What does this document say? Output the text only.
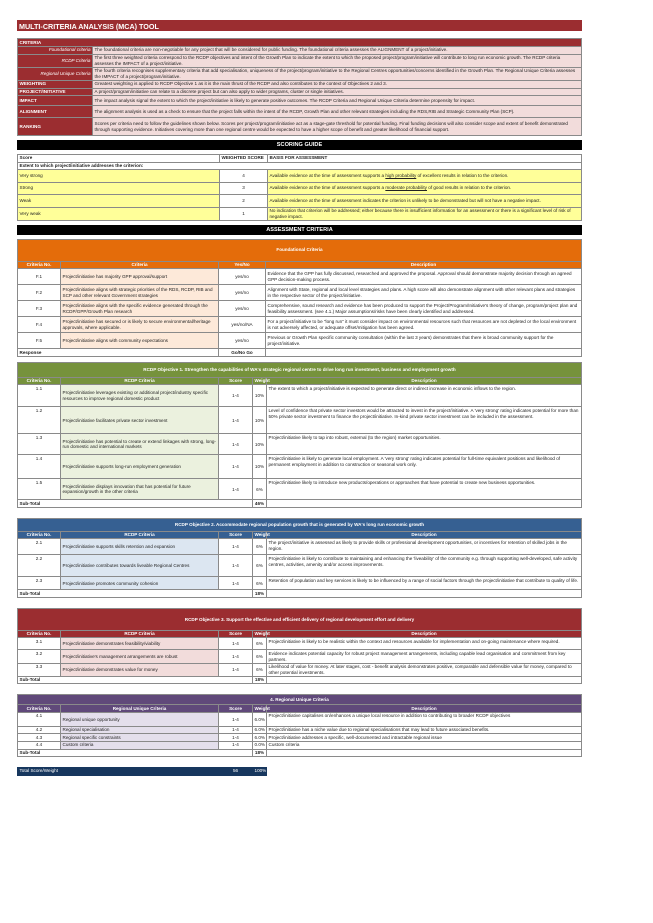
MULTI-CRITERIA ANALYSIS (MCA) TOOL
CRITERIA	
Foundational criteria	The foundational criteria are non-negotiable for any project that will be considered for public funding. The foundational criteria assesses the ALIGNMENT of a project/initiative.
RCDP Criteria	The first three weighted criteria correspond to the RCDP objectives and intent of the Growth Plan to indicate the extent to which the proposed project/program/initiative will contribute to long run economic growth. The RCDP criteria assesses the IMPACT of a project/initiative.
Regional Unique Criteria	The fourth criteria recognises supplementary criteria that add specialisation, uniqueness of the project/program/initiative to the Regional Centres opportunities/concerns identified in the Growth Plan. The Regional Unique Criteria assesses the IMPACT of a project/program/initiative.
WEIGHTING	Greatest weighting is applied to RCDP Objective 1 as it is the main thrust of the RCDP and also contributes to the context of Objectives 2 and 3.
PROJECT/INITIATIVE	A project/program/initiative can relate to a discrete project but can also apply to wider programs, cluster or single initiatives.
IMPACT	The impact analysis signal the extent to which the project/initiative is likely to generate positive outcomes. The RCDP Criteria and Regional Unique Criteria determine propensity for impact.
ALIGNMENT	The alignment analysis is used as a check to ensure that the project falls within the intent of the RCDP, Growth Plan and other relevant strategies including the RDS,RIB and Strategic Community Plan (SCP).
RANKING	Scores per criteria need to follow the guidelines shown below. Scores per project/program/initiative act as a stage-gate threshold for potential funding. Final funding decisions will also consider scope and extent of benefit demonstrated through supporting evidence. Initiatives covering more than one regional centre would be expected to have a higher scope of benefit and greater likelihood of financial support.
SCORING GUIDE
Score	WEIGHTED SCORE	BASIS FOR ASSESSMENT
Extent to which project/initiative addresses the criterion:		
Very strong	4	Available evidence at the time of assessment supports a high probability of excellent results in relation to the criterion.
Strong	3	Available evidence at the time of assessment supports a moderate probability of good results in relation to the criterion.
Weak	2	Available evidence at the time of assessment indicates the criterion is unlikely to be demonstrated but will not have a negative impact.
Very weak	1	No indication that criterion will be addressed; either because there is insufficient information for an assessment or there is a significant level of risk of negative impact.
ASSESSMENT CRITERIA
Foundational Criteria			
Criteria No.	Criteria	Yes/No	Description
F.1	Project/initiative has majority GPP approval/support	yes/no	Evidence that the GPP has fully discussed, researched and approved the proposal. Approval should demonstrate majority decision through an agreed GPP decision-making process.
F.2	Project/initiative aligns with strategic priorities of the RDS, RCDP, RIB and SCP and other relevant Government strategies	yes/no	Alignment with State, regional and local level strategies and plans. A high score will also demonstrate alignment with other relevant plans and strategies in the respective sector of the project/initiative.
F.3	Project/initiative aligns with the specific evidence generated through the RCDP/GPP/Growth Plan research	yes/no	Comprehensive, sound research and evidence has been produced to support the Project/Program/Initiative's theory of change, program/project plan and feasibility assessment. (see 4.1.) Major assumptions/risks have been clearly identified and addressed.
F.4	Project/initiative has secured or is likely to secure environmental/heritage approvals, where applicable.	yes/no/NA	For a project/initiative to be "long run" it must consider impact on environmental resources such that resources are not depleted or the local environment is not adversely affected, or adequate offset/mitigation has been agreed.
F.5	Project/initiative aligns with community expectations	yes/no	Previous or Growth Plan specific community consultation (within the last 3 years) demonstrates that there is broad community support for the project/initiative.
Response		Go/No Go	
RCDP Objective 1. Strengthen the capabilities of WA's strategic regional centre to drive long run investment, business and employment growth				
Criteria No.	RCDP Criteria	Score	Weight	Description
1.1	Project/initiative leverages existing or additional project/industry specific resources to improve regional domestic product	1-4	10%	The extent to which a project/initiative is expected to generate direct or indirect increase in economic inflows to the region.
1.2	Project/initiative facilitates private sector investment	1-4	10%	Level of confidence that private sector investors would be attracted to invest in the project/initiative. A 'very strong' rating indicates potential for more than 50% private sector investment to finance the project/initiative. In-kind private sector investment can be included in the assessment.
1.3	Project/initiative has potential to create or extend linkages with strong, long-run domestic and international markets	1-4	10%	Project/initiative likely to tap into robust, external (to the region) market opportunities.
1.4	Project/initiative supports long-run employment generation	1-4	10%	Project/initiative is likely to generate local employment. A 'very strong' rating indicates potential for full-time equivalent positions and likelihood of permanent employment in addition to construction or seasonal work only.
1.5	Project/initiative displays innovation that has potential for future expansion/growth in the other criteria	1-4	6%	Project/initiative likely to introduce new products/operations or approaches that have potential to create new business opportunities.
Sub-Total			46%	
RCDP Objective 2. Accommodate regional population growth that is generated by WA's long run economic growth				
Criteria No.	RCDP Criteria	Score	Weight	Description
2.1	Project/initiative supports skills retention and expansion	1-4	6%	The project/initiative is assessed as likely to provide skills or professional development opportunities, or incentives for retention of skilled jobs in the region.
2.2	Project/initiative contributes towards liveable Regional Centres	1-4	6%	Project/initiative is likely to contribute to maintaining and enhancing the 'liveability' of the community e.g. through supporting well-developed, safe activity centres, activities, amenity and/or access improvements.
2.3	Project/initiative promotes community cohesion	1-4	6%	Retention of population and key services is likely to be influenced by a range of social factors through the project/initiative that contribute to quality of life.
Sub-Total			18%	
RCDP Objective 3. Support the effective and efficient delivery of regional development effort and delivery				
Criteria No.	RCDP Criteria	Score	Weight	Description
3.1	Project/initiative demonstrates feasibility/viability	1-4	6%	Project/initiative is likely to be realistic within the context and resources available for implementation and on-going maintenance where required.
3.2	Project/initiative's management arrangements are robust	1-4	6%	Evidence indicates potential capacity for robust project management arrangements, including capable lead organisation and commitment from key partners.
3.3	Project/initiative demonstrates value for money	1-4	6%	Likelihood of value for money. At later stages, cost - benefit analysis demonstrates positive, comparable and defensible value for money, compared to other potential investments.
Sub-Total			18%	
4. Regional Unique Criteria				
Criteria No.	Regional Unique Criteria	Score	Weight	Description
4.1	Regional unique opportunity	1-4	6.0%	Project/initiative capitalises on/enhances a unique local resource in addition to contributing to broader RCDP objectives
4.2	Regional specialisation	1-4	6.0%	Project/initiative has a niche value due to regional specialisations that may lead to future associated benefits.
4.3	Regional specific constraints	1-4	6.0%	Project/initiative addresses a specific, well-documented and intractable regional issue
4.4	Custom criteria	1-4	0.0%	Custom criteria
Sub-Total			18%	
Total Score/Weight	56	100%	
